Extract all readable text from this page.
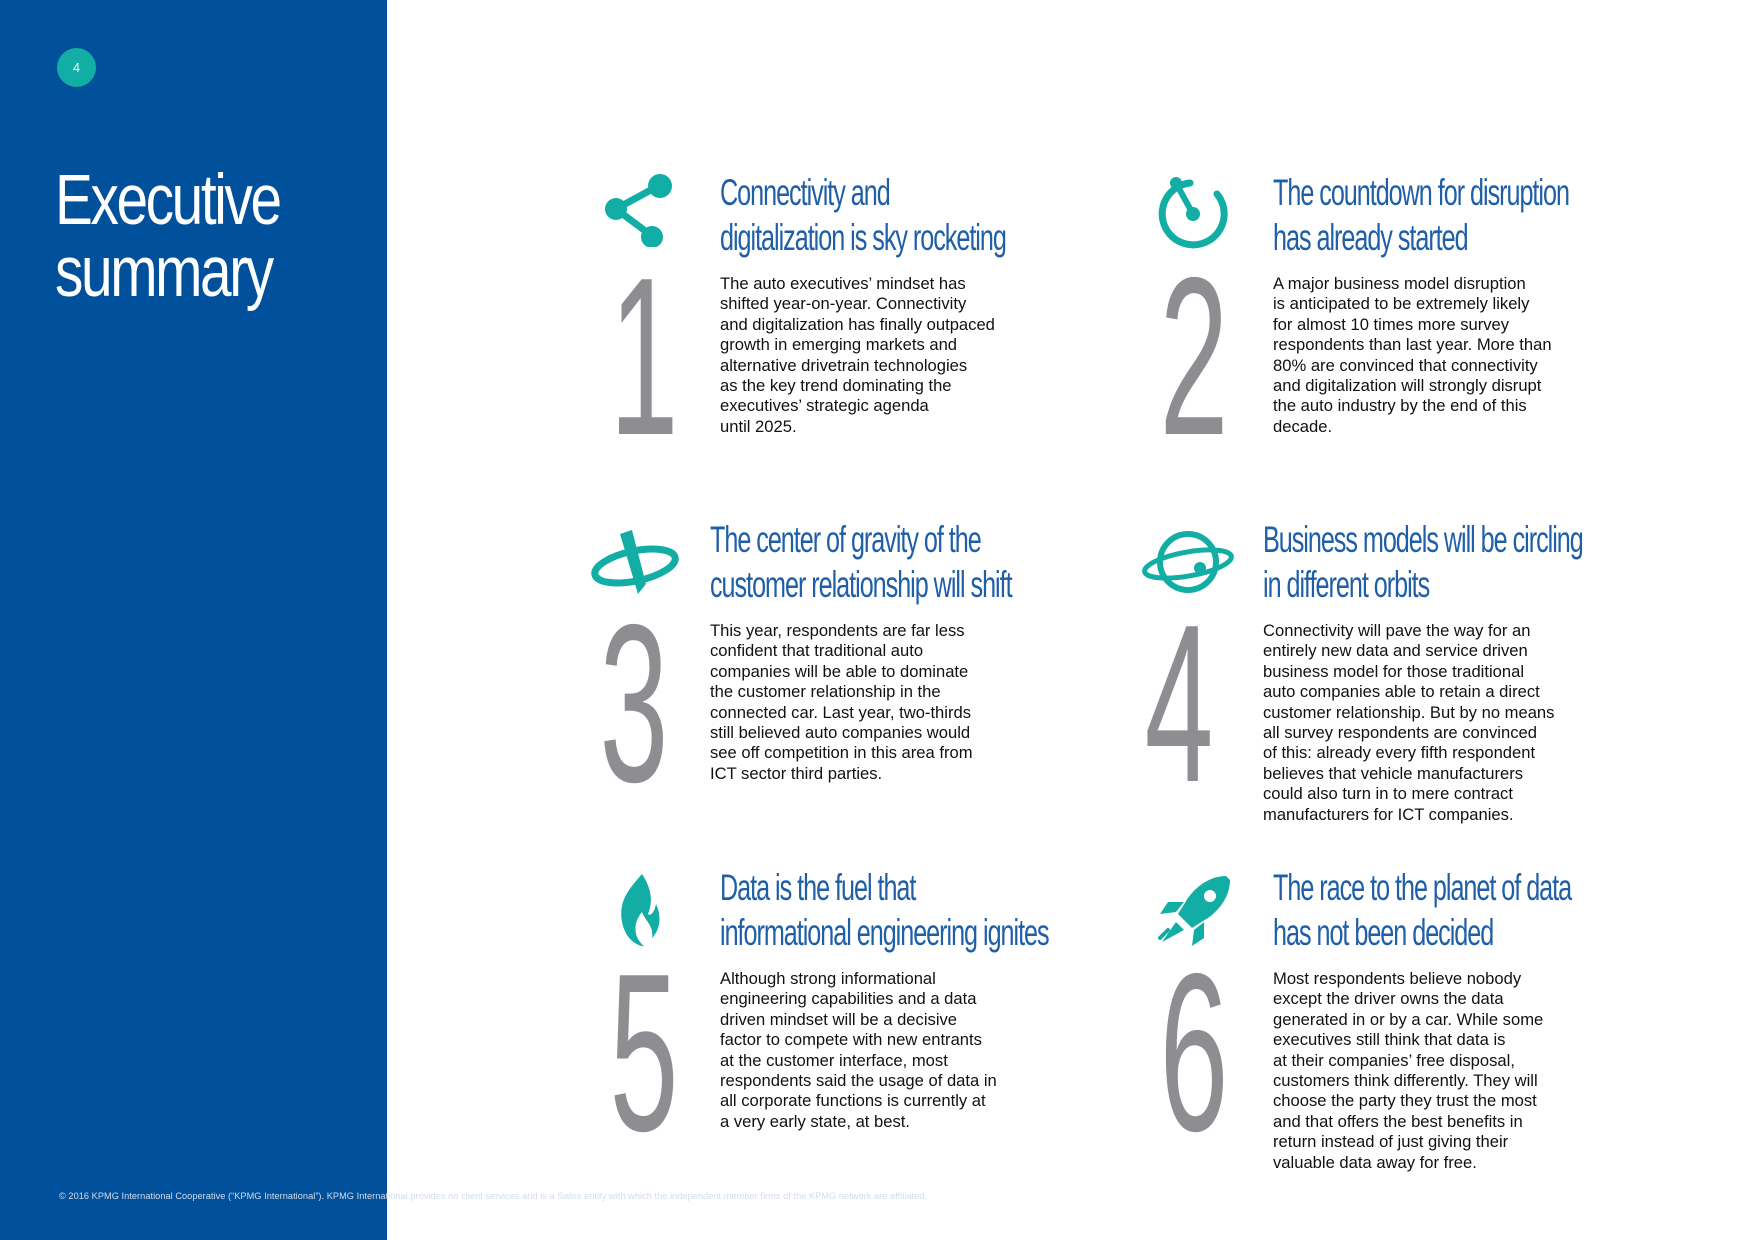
4
Executive
summary 1
Connectivity and
digitalization is sky rocketing
The auto executives’ mindset has
shifted year-on-year. Connectivity
and digitalization has finally outpaced
growth in emerging markets and
alternative drivetrain technologies
as the key trend dominating the
executives’ strategic agenda
until 2025.	2
The countdown for disruption
has already started
A major business model disruption
is anticipated to be extremely likely
for almost 10 times more survey
respondents than last year. More than
80% are convinced that connectivity
and digitalization will strongly disrupt
the auto industry by the end of this
decade.
3
The center of gravity of the
customer relationship will shift
This year, respondents are far less
confident that traditional auto
companies will be able to dominate
the customer relationship in the
connected car. Last year, two-thirds
still believed auto companies would
see off competition in this area from
ICT sector third parties.	4
Business models will be circling
in different orbits
Connectivity will pave the way for an
entirely new data and service driven
business model for those traditional
auto companies able to retain a direct
customer relationship. But by no means
all survey respondents are convinced
of this: already every fifth respondent
believes that vehicle manufacturers
could also turn in to mere contract
manufacturers for ICT companies.
5
Data is the fuel that
informational engineering ignites
Although strong informational
engineering capabilities and a data
driven mindset will be a decisive
factor to compete with new entrants
at the customer interface, most
respondents said the usage of data in
all corporate functions is currently at
a very early state, at best.	6
The race to the planet of data
has not been decided
Most respondents believe nobody
except the driver owns the data
generated in or by a car. While some
executives still think that data is
at their companies’ free disposal,
customers think differently. They will
choose the party they trust the most
and that offers the best benefits in
return instead of just giving their
valuable data away for free.

© 2016 KPMG International Cooperative (“KPMG International”). KPMG International provides no client services and is a Swiss entity with which the independent member firms of the KPMG network are affiliated.
